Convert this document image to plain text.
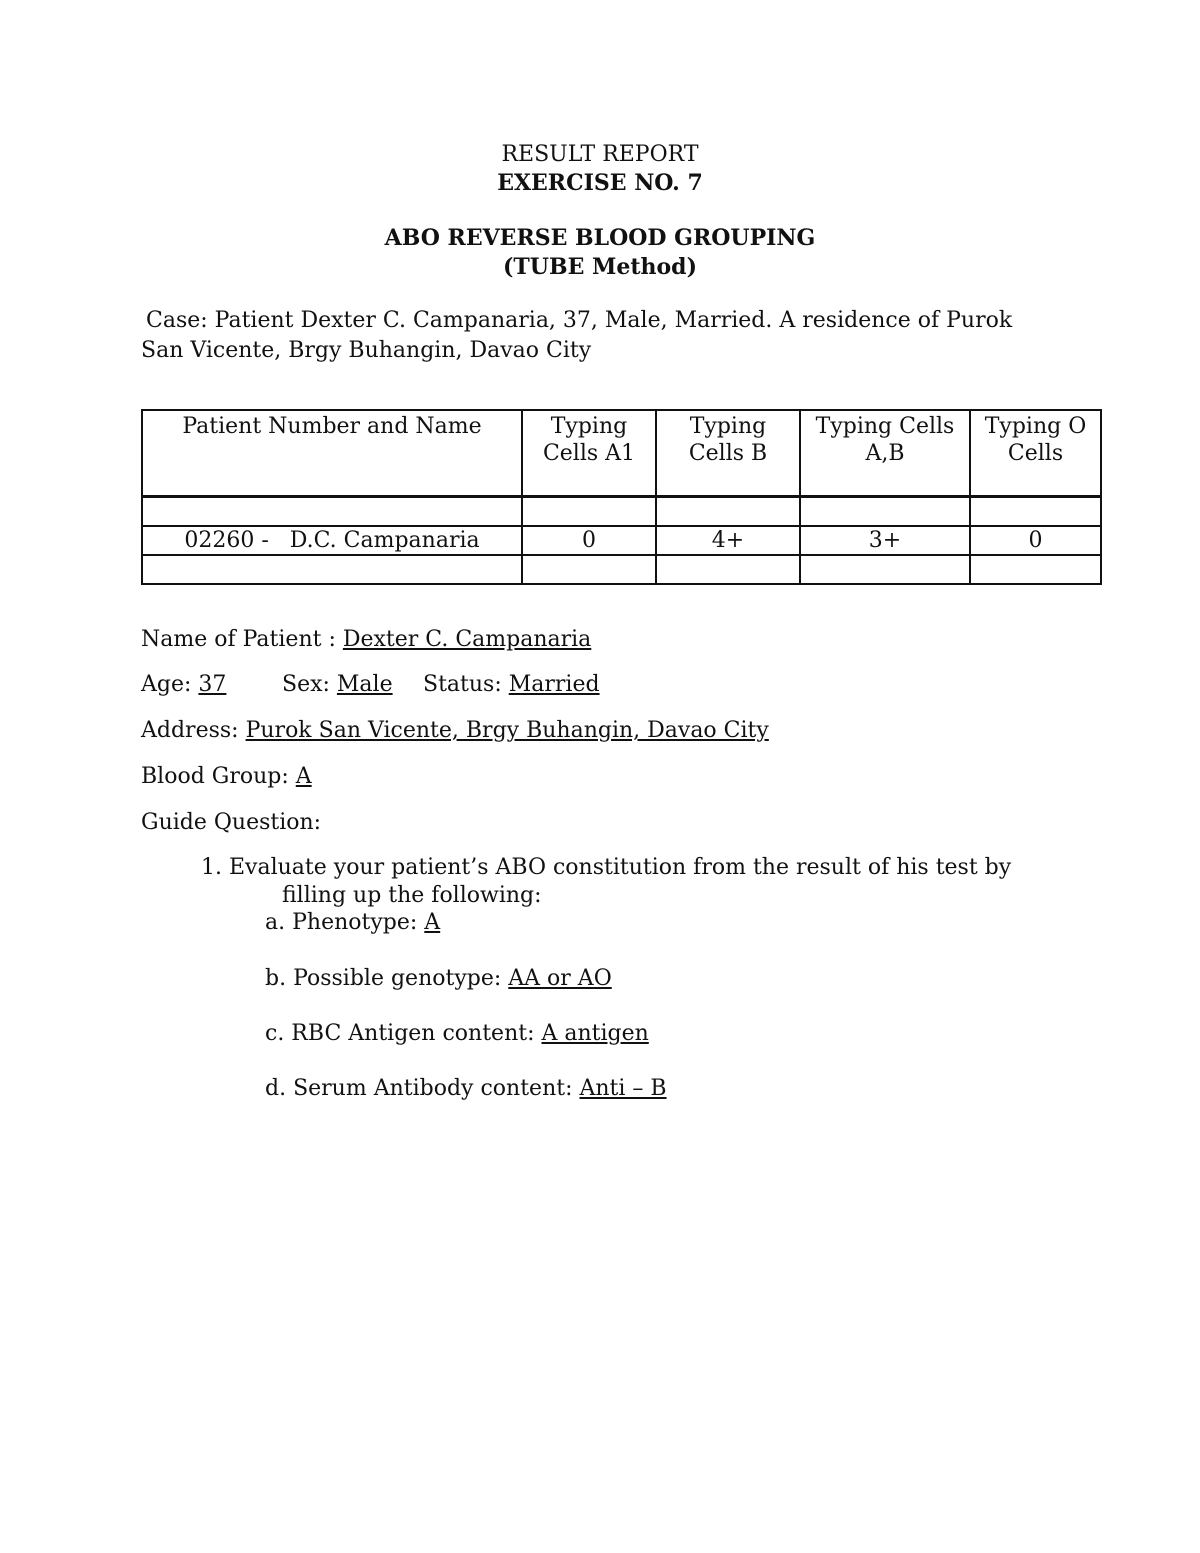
RESULT REPORT
EXERCISE NO. 7
ABO REVERSE BLOOD GROUPING
(TUBE Method)
Case: Patient Dexter C. Campanaria, 37, Male, Married. A residence of Purok
San Vicente, Brgy Buhangin, Davao City
Patient Number and Name	Typing Cells A1	Typing Cells B	Typing Cells A,B	Typing O Cells

02260 -   D.C. Campanaria	0	4+	3+	0

Name of Patient : Dexter C. Campanaria
Age: 37	Sex: Male Status: Married
Address: Purok San Vicente, Brgy Buhangin, Davao City
Blood Group: A
Guide Question:
1. Evaluate your patient’s ABO constitution from the result of his test by
filling up the following:
a. Phenotype: A
b. Possible genotype: AA or AO
c. RBC Antigen content: A antigen
d. Serum Antibody content: Anti – B
